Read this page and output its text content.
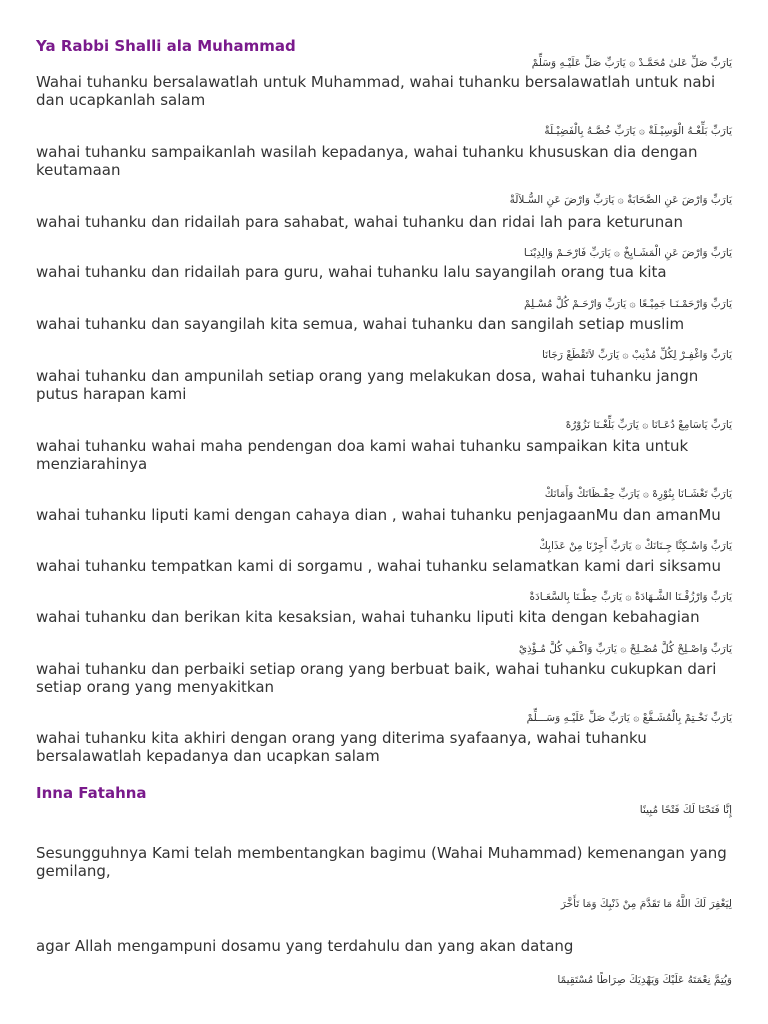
Ya Rabbi Shalli ala Muhammad
يَارَبِّ صَلِّ عَلىٰ مُحَمَّـدْ ۞ يَارَبِّ صَلِّ عَلَيْـهِ وَسَلِّمْ
Wahai tuhanku bersalawatlah untuk Muhammad, wahai tuhanku bersalawatlah untuk nabi dan ucapkanlah salam
يَارَبِّ بَلِّغْـهُ الْوَسِيْـلَةْ ۞ يَارَبِّ خُصَّـهُ بِالْفَضِيْـلَةْ
wahai tuhanku sampaikanlah wasilah kepadanya, wahai tuhanku khususkan dia dengan keutamaan
يَارَبِّ وَارْضَ عَنِ الصَّحَابَةْ ۞ يَارَبِّ وَارْضَ عَنِ السُّـلاَلَةْ
wahai tuhanku dan ridailah para sahabat, wahai tuhanku dan ridai lah para keturunan
يَارَبِّ وَارْضَ عَنِ الْمَشَـايِخْ ۞ يَارَبِّ فَارْحَـمْ وَالِدِيْنَـا
wahai tuhanku dan ridailah para guru, wahai tuhanku lalu sayangilah orang tua kita
يَارَبِّ وَارْحَمْـنَـا جَمِيْـعًا ۞ يَارَبِّ وَارْحَـمْ كُلَّ مُسْـلِمْ
wahai tuhanku dan sayangilah kita semua, wahai tuhanku dan sangilah setiap muslim
يَارَبِّ وَاغْفِـرْ لِكُلِّ مُذْنِبْ ۞ يَارَبِّ لاَتَقْطَعْ رَجَانَا
wahai tuhanku dan ampunilah setiap orang yang melakukan dosa, wahai tuhanku jangn putus harapan kami
يَارَبِّ يَاسَامِعْ دُعَـانَا ۞ يَارَبِّ بَلِّغْـنَا نَزُوْرُهْ
wahai tuhanku wahai maha pendengan doa kami wahai tuhanku sampaikan kita untuk menziarahinya
يَارَبِّ تَغْشَـانَا بِنُوْرِهْ ۞ يَارَبِّ حِفْـظَانَكْ وَأَمَانَكْ
wahai tuhanku liputi kami dengan cahaya dian , wahai tuhanku penjagaanMu dan amanMu
يَارَبِّ وَاسْـكِنَّا جِـنَانَكْ ۞ يَارَبِّ أَجِرْنَا مِنْ عَذَابِكْ
wahai tuhanku tempatkan kami di sorgamu , wahai tuhanku selamatkan kami dari siksamu
يَارَبِّ وَارْزُقْـنَا الشَّـهَادَةْ ۞ يَارَبِّ حِطْـنَا بِالسَّعَـادَةْ
wahai tuhanku dan berikan kita kesaksian, wahai tuhanku liputi kita dengan kebahagian
يَارَبِّ وَاصْـلِحْ كُلَّ مُصْـلِحْ ۞ يَارَبِّ وَاكْـفِ كُلَّ مُـؤْذِيْ
wahai tuhanku dan perbaiki setiap orang yang berbuat baik, wahai tuhanku cukupkan dari setiap orang yang menyakitkan
يَارَبِّ نَخْـتِمْ بِالْمُشَـفَّعْ ۞ يَارَبِّ صَلِّ عَلَيْـهِ وَسَـــلِّمْ
wahai tuhanku kita akhiri dengan orang yang diterima syafaanya, wahai tuhanku bersalawatlah kepadanya dan ucapkan salam
Inna Fatahna
إِنَّا فَتَحْنَا لَكَ فَتْحًا مُبِينًا
Sesungguhnya Kami telah membentangkan bagimu (Wahai Muhammad) kemenangan yang gemilang,
لِيَغْفِرَ لَكَ اللَّهُ مَا تَقَدَّمَ مِنْ ذَنْبِكَ وَمَا تَأَخَّرَ
agar Allah mengampuni dosamu yang terdahulu dan yang akan datang
وَيُتِمَّ نِعْمَتَهُ عَلَيْكَ وَيَهْدِيَكَ صِرَاطًا مُسْتَقِيمًا
